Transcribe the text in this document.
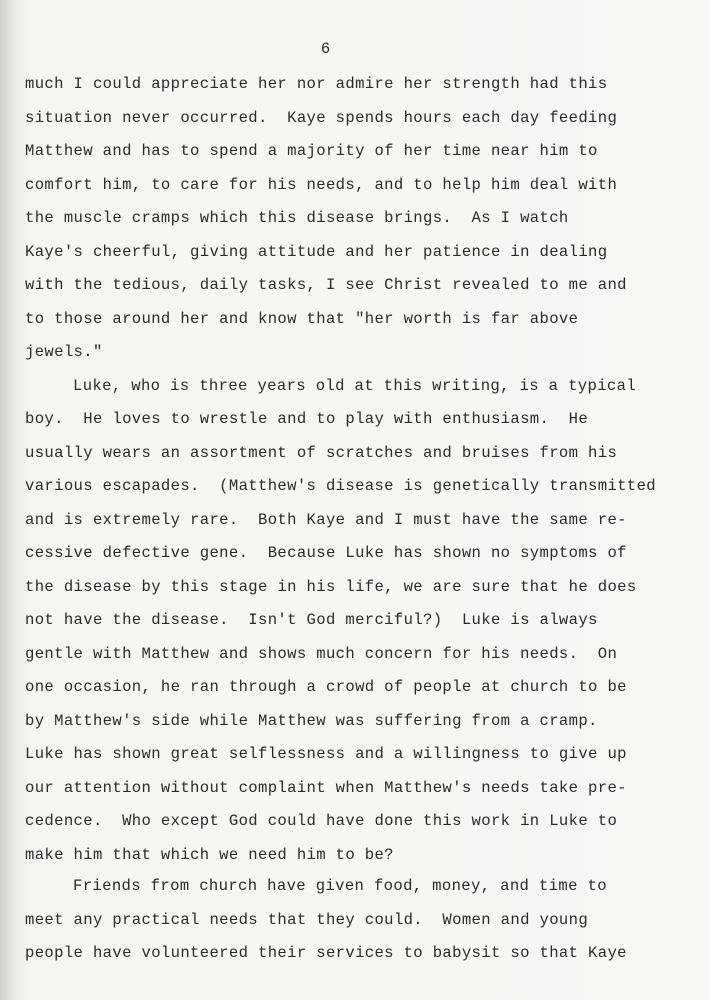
6
much I could appreciate her nor admire her strength had this
situation never occurred.  Kaye spends hours each day feeding
Matthew and has to spend a majority of her time near him to
comfort him, to care for his needs, and to help him deal with
the muscle cramps which this disease brings.  As I watch
Kaye's cheerful, giving attitude and her patience in dealing
with the tedious, daily tasks, I see Christ revealed to me and
to those around her and know that "her worth is far above
jewels."
Luke, who is three years old at this writing, is a typical
boy.  He loves to wrestle and to play with enthusiasm.  He
usually wears an assortment of scratches and bruises from his
various escapades.  (Matthew's disease is genetically transmitted
and is extremely rare.  Both Kaye and I must have the same re-
cessive defective gene.  Because Luke has shown no symptoms of
the disease by this stage in his life, we are sure that he does
not have the disease.  Isn't God merciful?)  Luke is always
gentle with Matthew and shows much concern for his needs.  On
one occasion, he ran through a crowd of people at church to be
by Matthew's side while Matthew was suffering from a cramp.
Luke has shown great selflessness and a willingness to give up
our attention without complaint when Matthew's needs take pre-
cedence.  Who except God could have done this work in Luke to
make him that which we need him to be?
Friends from church have given food, money, and time to
meet any practical needs that they could.  Women and young
people have volunteered their services to babysit so that Kaye
